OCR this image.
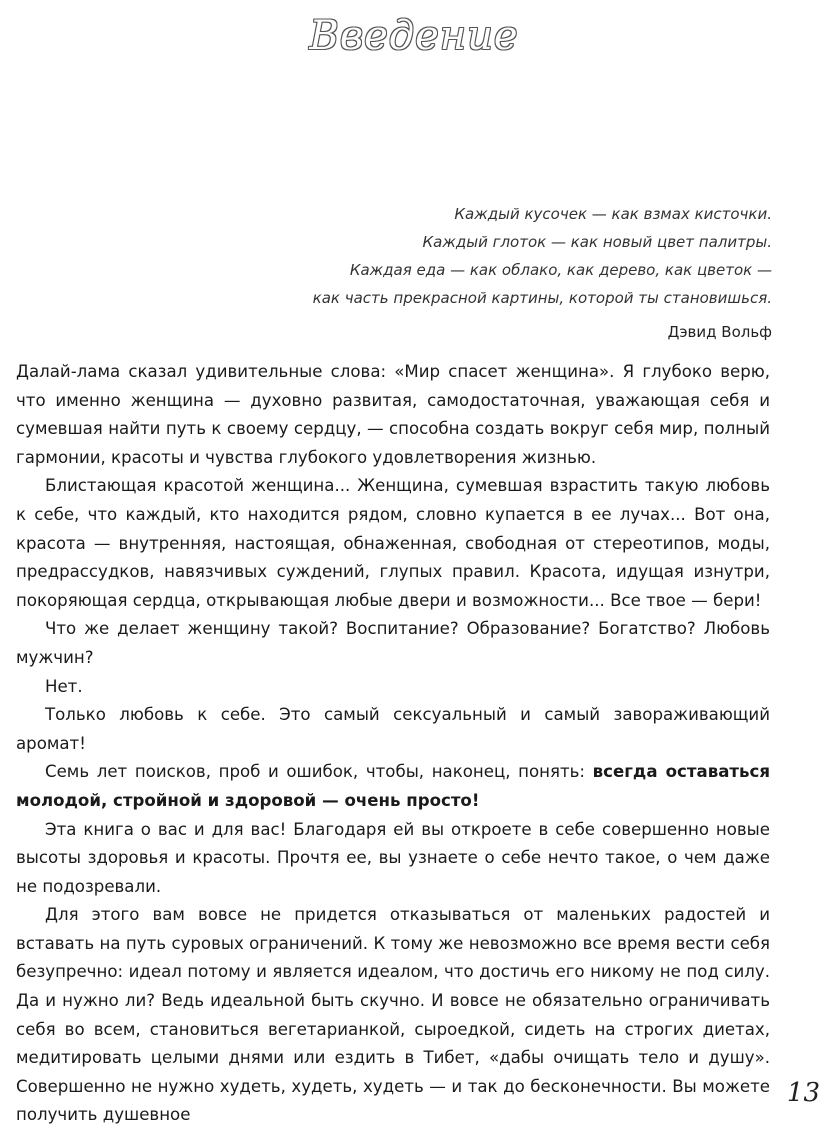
Введение
Каждый кусочек — как взмах кисточки.
Каждый глоток — как новый цвет палитры.
Каждая еда — как облако, как дерево, как цветок —
как часть прекрасной картины, которой ты становишься.
Дэвид Вольф

Далай-лама сказал удивительные слова: «Мир спасет женщина». Я глубоко верю, что именно женщина — духовно развитая, самодостаточная, уважающая себя и сумевшая найти путь к своему сердцу, — способна создать вокруг себя мир, полный гармонии, красоты и чувства глубокого удовлетворения жизнью.

Блистающая красотой женщина... Женщина, сумевшая взрастить такую любовь к себе, что каждый, кто находится рядом, словно купается в ее лучах... Вот она, красота — внутренняя, настоящая, обнаженная, свободная от стереотипов, моды, предрассудков, навязчивых суждений, глупых правил. Красота, идущая изнутри, покоряющая сердца, открывающая любые двери и возможности... Все твое — бери!

Что же делает женщину такой? Воспитание? Образование? Богатство? Любовь мужчин?

Нет.

Только любовь к себе. Это самый сексуальный и самый завораживающий аромат!

Семь лет поисков, проб и ошибок, чтобы, наконец, понять: всегда оставаться молодой, стройной и здоровой — очень просто!

Эта книга о вас и для вас! Благодаря ей вы откроете в себе совершенно новые высоты здоровья и красоты. Прочтя ее, вы узнаете о себе нечто такое, о чем даже не подозревали.

Для этого вам вовсе не придется отказываться от маленьких радостей и вставать на путь суровых ограничений. К тому же невозможно все время вести себя безупречно: идеал потому и является идеалом, что достичь его никому не под силу. Да и нужно ли? Ведь идеальной быть скучно. И вовсе не обязательно ограничивать себя во всем, становиться вегетарианкой, сыроедкой, сидеть на строгих диетах, медитировать целыми днями или ездить в Тибет, «дабы очищать тело и душу». Совершенно не нужно худеть, худеть, худеть — и так до бесконечности. Вы можете получить душевное

13
